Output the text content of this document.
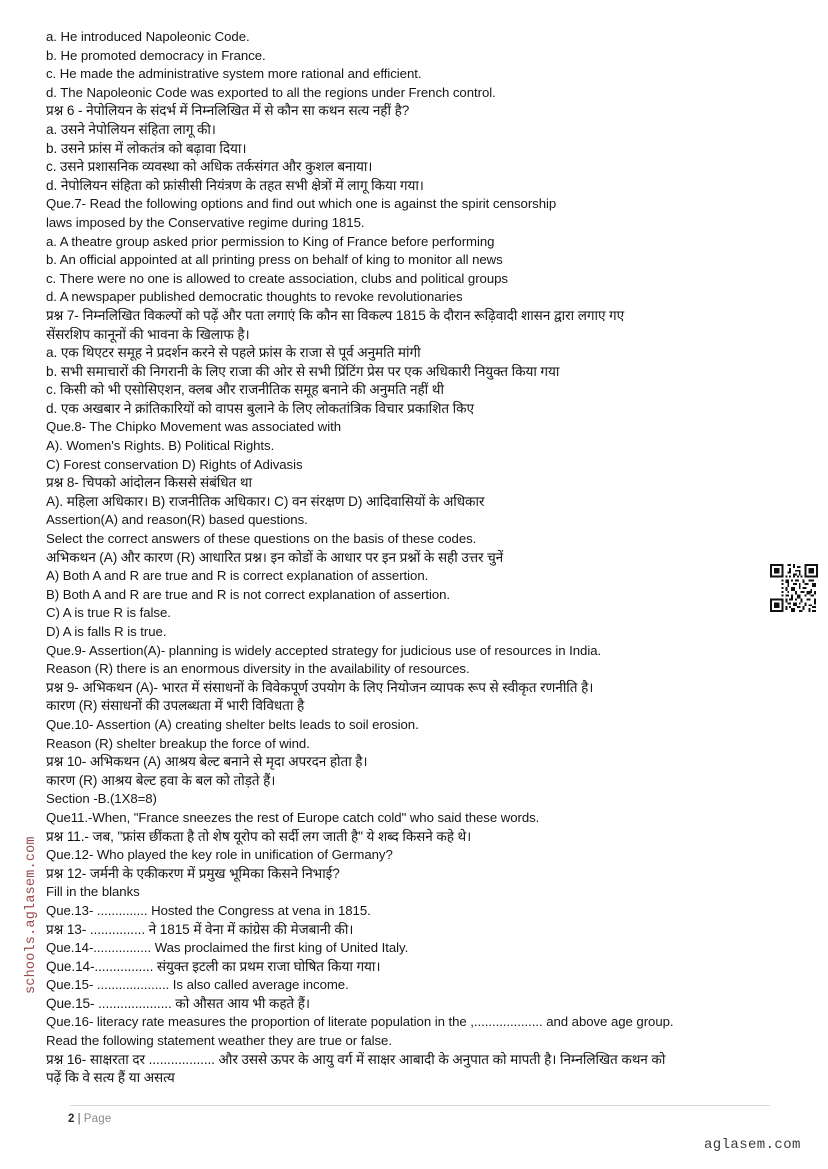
schools.aglasem.com
a. He introduced Napoleonic Code.
b. He promoted democracy in France.
c. He made the administrative system more rational and efficient.
d. The Napoleonic Code was exported to all the regions under French control.
प्रश्न 6 - नेपोलियन के संदर्भ में निम्नलिखित में से कौन सा कथन सत्य नहीं है?
a. उसने नेपोलियन संहिता लागू की।
b. उसने फ्रांस में लोकतंत्र को बढ़ावा दिया।
c. उसने प्रशासनिक व्यवस्था को अधिक तर्कसंगत और कुशल बनाया।
d. नेपोलियन संहिता को फ्रांसीसी नियंत्रण के तहत सभी क्षेत्रों में लागू किया गया।
Que.7- Read the following options and find out which one is against the spirit censorship
laws imposed by the Conservative regime during 1815.
a. A theatre group asked prior permission to King of France before performing
b. An official appointed at all printing press on behalf of king to monitor all news
c. There were no one is allowed to create association, clubs and political groups
d. A newspaper published democratic thoughts to revoke revolutionaries
प्रश्न 7- निम्नलिखित विकल्पों को पढ़ें और पता लगाएं कि कौन सा विकल्प 1815 के दौरान रूढ़िवादी शासन द्वारा लगाए गए
सेंसरशिप कानूनों की भावना के खिलाफ है।
a. एक थिएटर समूह ने प्रदर्शन करने से पहले फ्रांस के राजा से पूर्व अनुमति मांगी
b. सभी समाचारों की निगरानी के लिए राजा की ओर से सभी प्रिंटिंग प्रेस पर एक अधिकारी नियुक्त किया गया
c. किसी को भी एसोसिएशन, क्लब और राजनीतिक समूह बनाने की अनुमति नहीं थी
d. एक अखबार ने क्रांतिकारियों को वापस बुलाने के लिए लोकतांत्रिक विचार प्रकाशित किए
Que.8- The Chipko Movement was associated with
A). Women's Rights. B) Political Rights.
C) Forest conservation D) Rights of Adivasis
प्रश्न 8- चिपको आंदोलन किससे संबंधित था
A). महिला अधिकार। B) राजनीतिक अधिकार। C) वन संरक्षण D) आदिवासियों के अधिकार
Assertion(A) and reason(R) based questions.
Select the correct answers of these questions on the basis of these codes.
अभिकथन (A) और कारण (R) आधारित प्रश्न। इन कोडों के आधार पर इन प्रश्नों के सही उत्तर चुनें
A) Both A and R are true and R is correct explanation of assertion.
B) Both A and R are true and R is not correct explanation of assertion.
C) A is true R is false.
D) A is falls R is true.
Que.9- Assertion(A)- planning is widely accepted strategy for judicious use of resources in India.
Reason (R) there is an enormous diversity in the availability of resources.
प्रश्न 9- अभिकथन (A)- भारत में संसाधनों के विवेकपूर्ण उपयोग के लिए नियोजन व्यापक रूप से स्वीकृत रणनीति है।
कारण (R) संसाधनों की उपलब्धता में भारी विविधता है
Que.10- Assertion (A) creating shelter belts leads to soil erosion.
Reason (R) shelter breakup the force of wind.
प्रश्न 10- अभिकथन (A) आश्रय बेल्ट बनाने से मृदा अपरदन होता है।
कारण (R) आश्रय बेल्ट हवा के बल को तोड़ते हैं।
Section -B.(1X8=8)
Que11.-When, "France sneezes the rest of Europe catch cold" who said these words.
प्रश्न 11.- जब, "फ्रांस छींकता है तो शेष यूरोप को सर्दी लग जाती है" ये शब्द किसने कहे थे।
Que.12- Who played the key role in unification of Germany?
प्रश्न 12- जर्मनी के एकीकरण में प्रमुख भूमिका किसने निभाई?
Fill in the blanks
Que.13- .............. Hosted the Congress at vena in 1815.
प्रश्न 13- ............... ने 1815 में वेना में कांग्रेस की मेजबानी की।
Que.14-................ Was proclaimed the first king of United Italy.
Que.14-................ संयुक्त इटली का प्रथम राजा घोषित किया गया।
Que.15- .................... Is also called average income.
Que.15- .................... को औसत आय भी कहते हैं।
Que.16- literacy rate measures the proportion of literate population in the ,................... and above age group.
Read the following statement weather they are true or false.
प्रश्न 16- साक्षरता दर .................. और उससे ऊपर के आयु वर्ग में साक्षर आबादी के अनुपात को मापती है। निम्नलिखित कथन को
पढ़ें कि वे सत्य हैं या असत्य
2 | Page
aglasem.com
